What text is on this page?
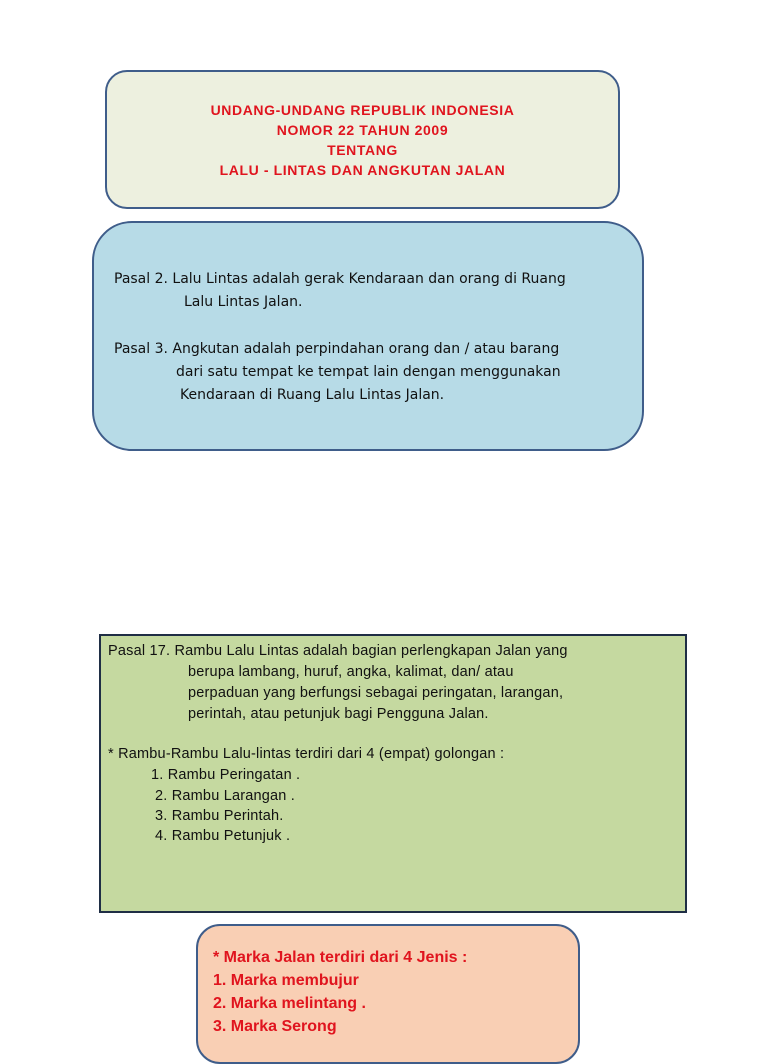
UNDANG-UNDANG REPUBLIK INDONESIA
NOMOR 22 TAHUN 2009
TENTANG
LALU - LINTAS DAN ANGKUTAN JALAN
Pasal 2. Lalu Lintas adalah gerak Kendaraan dan orang di Ruang
Lalu Lintas Jalan.
Pasal 3. Angkutan adalah perpindahan orang dan / atau barang
dari satu tempat ke tempat lain dengan menggunakan
Kendaraan di Ruang Lalu Lintas Jalan.
Pasal 17. Rambu Lalu Lintas adalah bagian perlengkapan Jalan yang
berupa lambang, huruf, angka, kalimat, dan/ atau
perpaduan yang berfungsi sebagai peringatan, larangan,
perintah, atau petunjuk bagi Pengguna Jalan.
* Rambu-Rambu Lalu-lintas terdiri dari 4 (empat) golongan :
1. Rambu Peringatan .
2. Rambu Larangan .
3. Rambu Perintah.
4. Rambu Petunjuk .
* Marka Jalan terdiri dari 4 Jenis :
1. Marka membujur
2. Marka melintang .
3. Marka Serong
